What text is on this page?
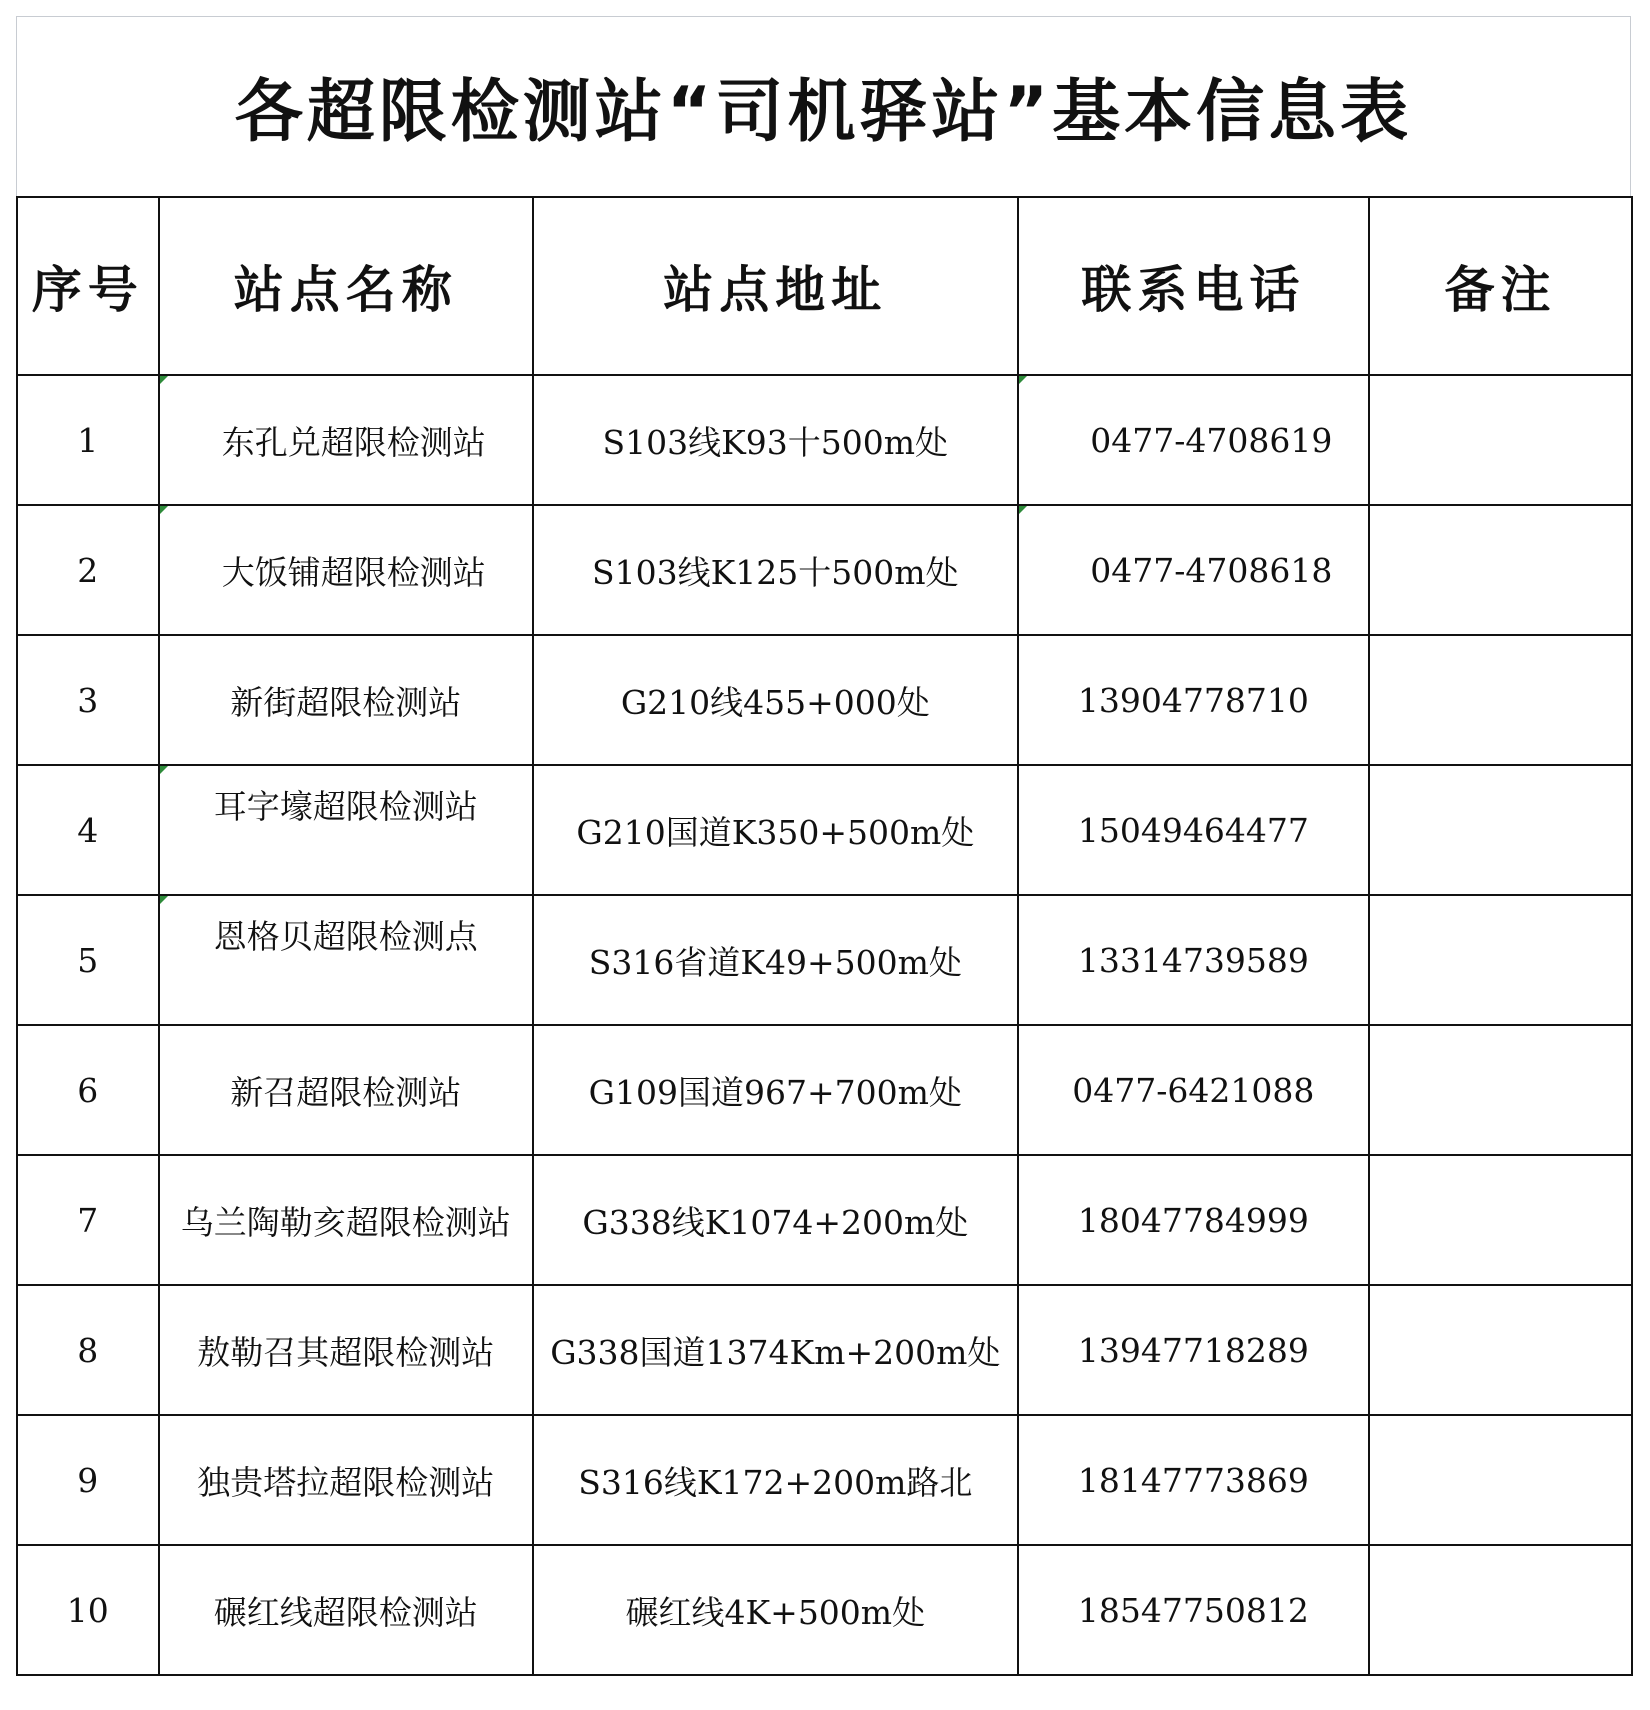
各超限检测站“司机驿站”基本信息表
序号	站点名称	站点地址	联系电话	备注
1	东孔兑超限检测站	S103线K93十500m处	0477-4708619	
2	大饭铺超限检测站	S103线K125十500m处	0477-4708618	
3	新街超限检测站	G210线455+000处	13904778710	
4	耳字壕超限检测站	G210国道K350+500m处	15049464477	
5	恩格贝超限检测点	S316省道K49+500m处	13314739589	
6	新召超限检测站	G109国道967+700m处	0477-6421088	
7	乌兰陶勒亥超限检测站	G338线K1074+200m处	18047784999	
8	敖勒召其超限检测站	G338国道1374Km+200m处	13947718289	
9	独贵塔拉超限检测站	S316线K172+200m路北	18147773869	
10	碾红线超限检测站	碾红线4K+500m处	18547750812	
